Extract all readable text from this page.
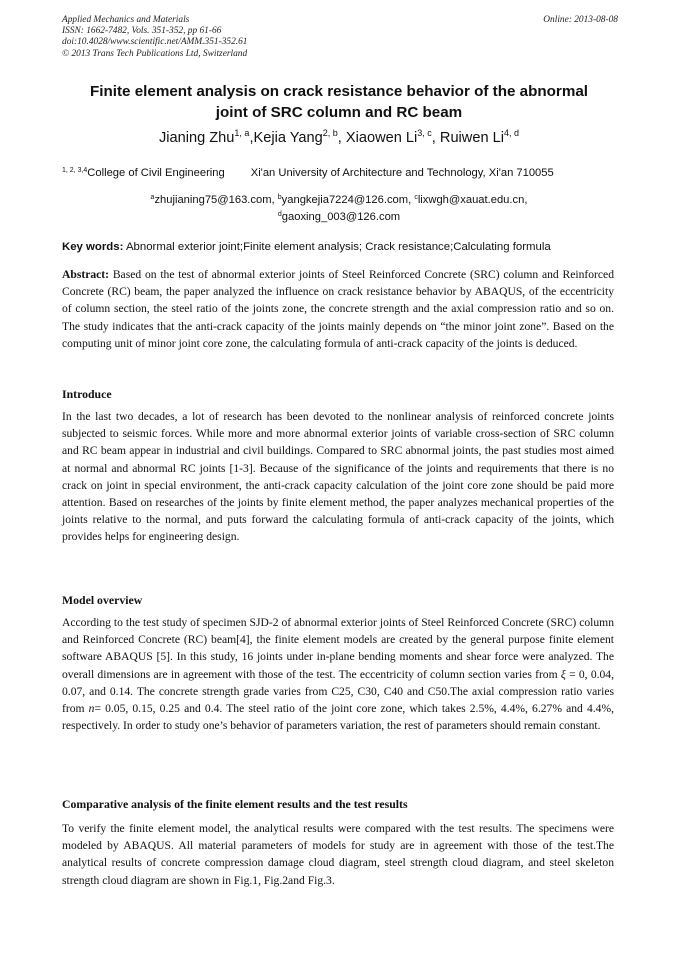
Applied Mechanics and Materials
ISSN: 1662-7482, Vols. 351-352, pp 61-66
doi:10.4028/www.scientific.net/AMM.351-352.61
© 2013 Trans Tech Publications Ltd, Switzerland
Online: 2013-08-08
Finite element analysis on crack resistance behavior of the abnormal
joint of SRC column and RC beam
Jianing Zhu$^{1, a}$,Kejia Yang$^{2, b}$, Xiaowen Li$^{3, c}$, Ruiwen Li$^{4, d}$
$^{1, 2, 3,4}$College of Civil Engineering Xi'an University of Architecture and Technology, Xi'an 710055
$^a$zhujianing75@163.com, $^b$yangkejia7224@126.com, $^c$lixwgh@xauat.edu.cn,
$^d$gaoxing_003@126.com
Key words: Abnormal exterior joint;Finite element analysis; Crack resistance;Calculating formula
Abstract: Based on the test of abnormal exterior joints of Steel Reinforced Concrete (SRC) column and Reinforced Concrete (RC) beam, the paper analyzed the influence on crack resistance behavior by ABAQUS, of the eccentricity of column section, the steel ratio of the joints zone, the concrete strength and the axial compression ratio and so on. The study indicates that the anti-crack capacity of the joints mainly depends on “the minor joint zone”. Based on the computing unit of minor joint core zone, the calculating formula of anti-crack capacity of the joints is deduced.
Introduce
In the last two decades, a lot of research has been devoted to the nonlinear analysis of reinforced concrete joints subjected to seismic forces. While more and more abnormal exterior joints of variable cross-section of SRC column and RC beam appear in industrial and civil buildings. Compared to SRC abnormal joints, the past studies most aimed at normal and abnormal RC joints [1-3]. Because of the significance of the joints and requirements that there is no crack on joint in special environment, the anti-crack capacity calculation of the joint core zone should be paid more attention. Based on researches of the joints by finite element method, the paper analyzes mechanical properties of the joints relative to the normal, and puts forward the calculating formula of anti-crack capacity of the joints, which provides helps for engineering design.
Model overview
According to the test study of specimen SJD-2 of abnormal exterior joints of Steel Reinforced Concrete (SRC) column and Reinforced Concrete (RC) beam[4], the finite element models are created by the general purpose finite element software ABAQUS [5]. In this study, 16 joints under in-plane bending moments and shear force were analyzed. The overall dimensions are in agreement with those of the test. The eccentricity of column section varies from ξ = 0, 0.04, 0.07, and 0.14. The concrete strength grade varies from C25, C30, C40 and C50.The axial compression ratio varies from n= 0.05, 0.15, 0.25 and 0.4. The steel ratio of the joint core zone, which takes 2.5%, 4.4%, 6.27% and 4.4%, respectively. In order to study one’s behavior of parameters variation, the rest of parameters should remain constant.
Comparative analysis of the finite element results and the test results
To verify the finite element model, the analytical results were compared with the test results. The specimens were modeled by ABAQUS. All material parameters of models for study are in agreement with those of the test.The analytical results of concrete compression damage cloud diagram, steel strength cloud diagram, and steel skeleton strength cloud diagram are shown in Fig.1, Fig.2and Fig.3.
